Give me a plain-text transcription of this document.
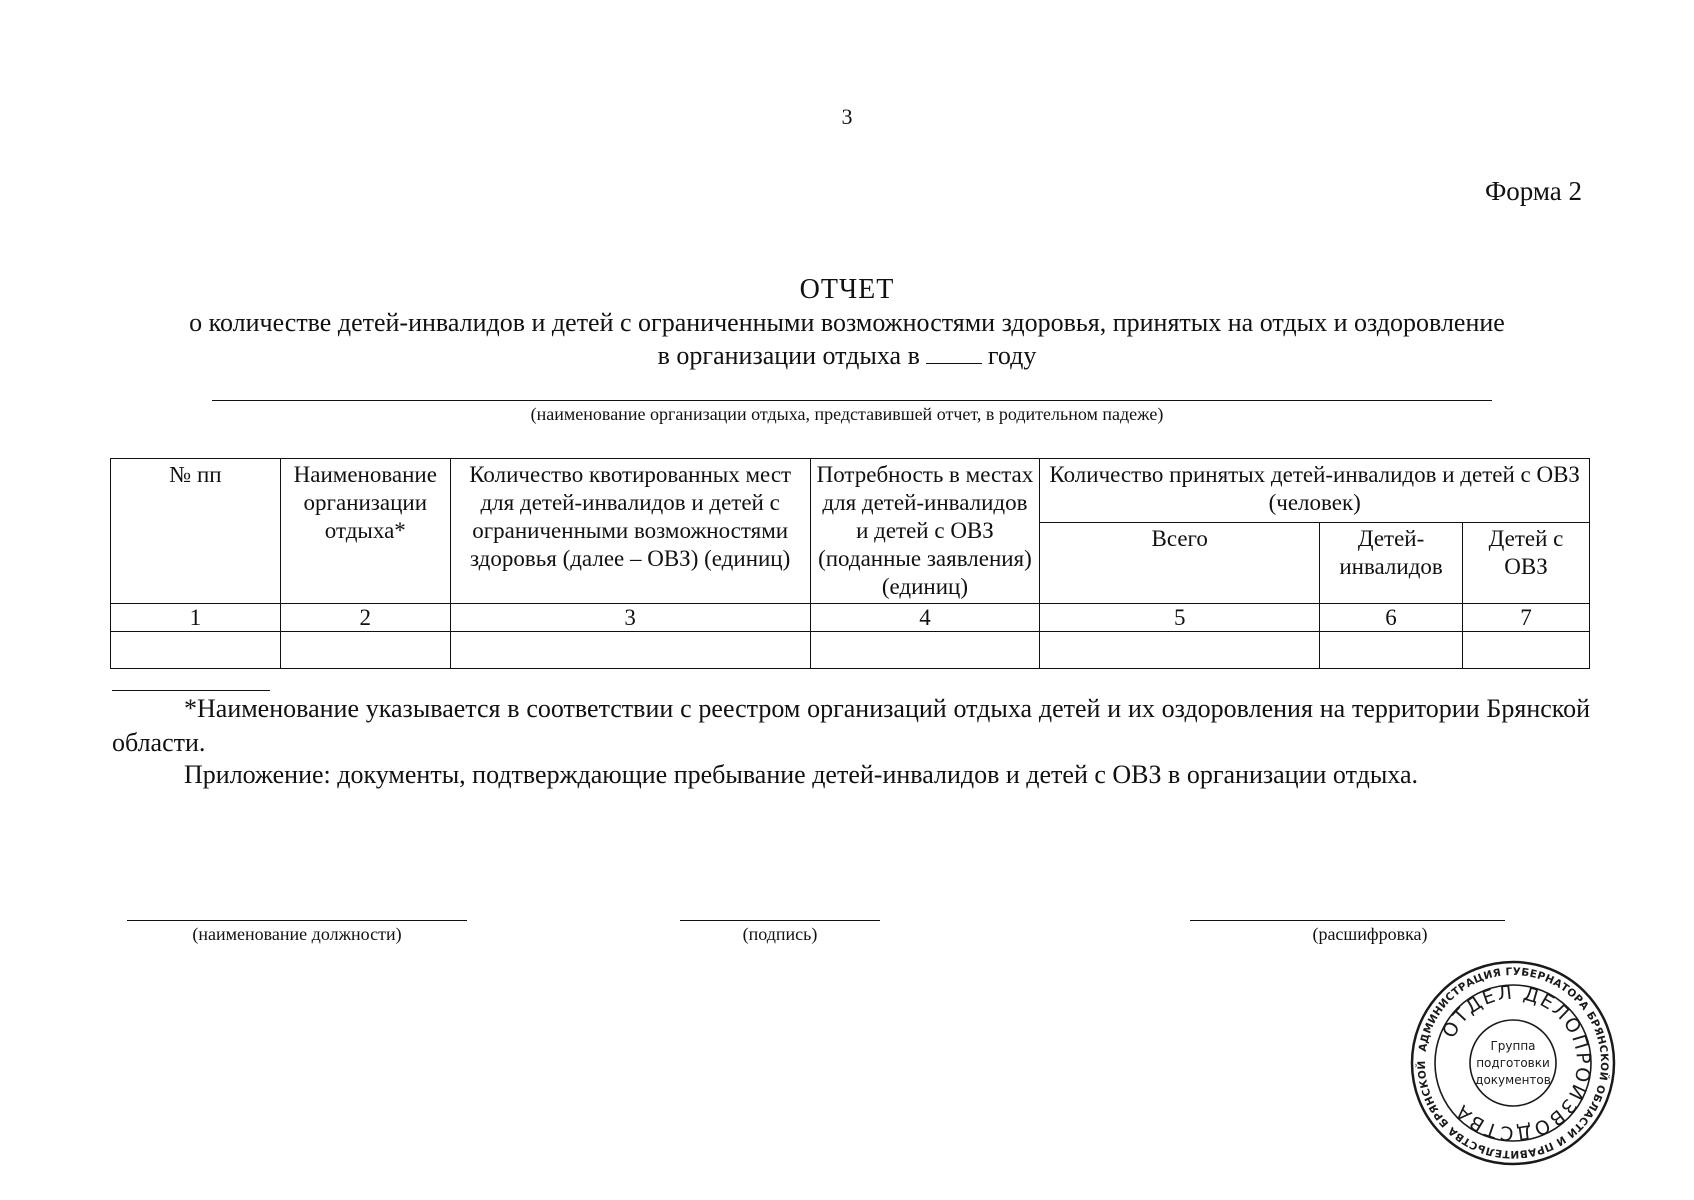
3
Форма 2
ОТЧЕТ
о количестве детей-инвалидов и детей с ограниченными возможностями здоровья, принятых на отдых и оздоровление
в организации отдыха в	году
(наименование организации отдыха, представившей отчет, в родительном падеже)
№ пп	Наименование организации отдыха*	Количество квотированных мест для детей-инвалидов и детей с ограниченными возможностями здоровья (далее – ОВЗ) (единиц)	Потребность в местах для детей-инвалидов и детей с ОВЗ (поданные заявления) (единиц)	Количество принятых детей-инвалидов и детей с ОВЗ (человек)		
				Всего	Детей-инвалидов	Детей с ОВЗ
1	2	3	4	5	6	7

*Наименование указывается в соответствии с реестром организаций отдыха детей и их оздоровления на территории Брянской области.

Приложение: документы, подтверждающие пребывание детей-инвалидов и детей с ОВЗ в организации отдыха.
(наименование должности)	(подпись)	(расшифровка)
АДМИНИСТРАЦИЯ ГУБЕРНАТОРА БРЯНСКОЙ ОБЛАСТИ И ПРАВИТЕЛЬСТВА БРЯНСКОЙ
ОТДЕЛ ДЕЛОПРОИЗВОДСТВА
Группа
подготовки
документов
